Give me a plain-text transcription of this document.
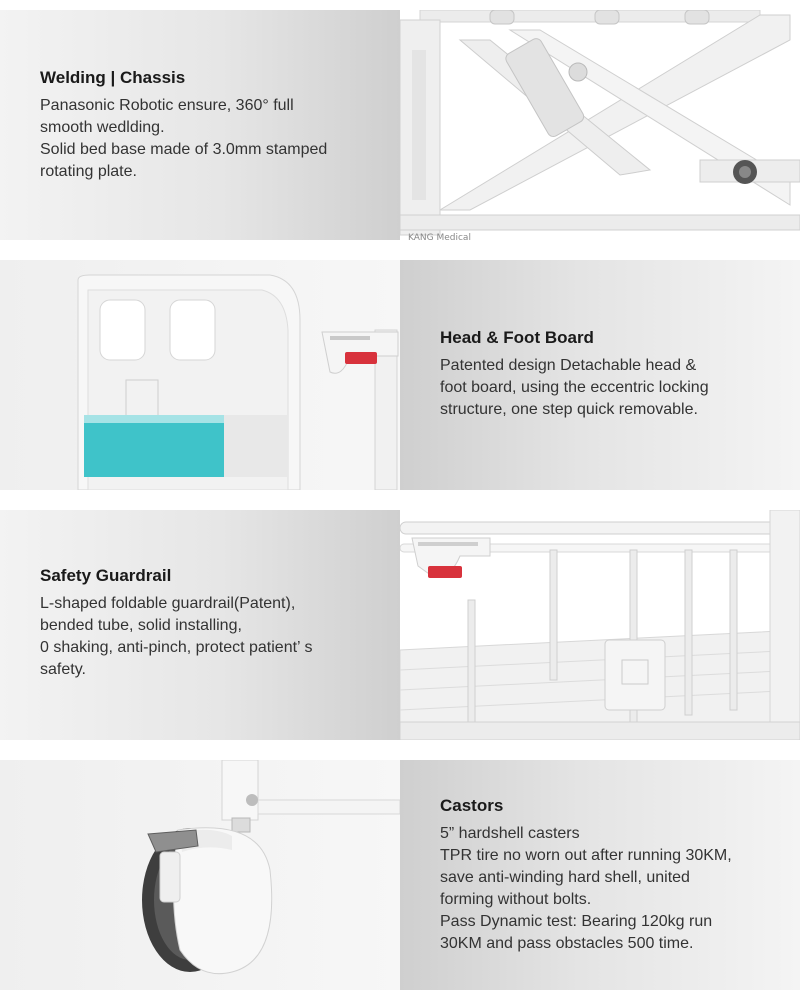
Welding | Chassis

Panasonic Robotic ensure, 360° full

smooth wedlding.

Solid bed base made of 3.0mm stamped

rotating plate.

KANG Medical

Head & Foot Board

Patented design Detachable head &

foot board, using the eccentric locking

structure, one step quick removable.

Safety Guardrail

L-shaped foldable guardrail(Patent),

bended tube, solid installing,

0 shaking, anti-pinch, protect patient’ s

safety.

Castors

5” hardshell casters

TPR tire no worn out after running 30KM,

save anti-winding hard shell, united

forming without bolts.

Pass Dynamic test: Bearing 120kg run

30KM and pass obstacles 500 time.
